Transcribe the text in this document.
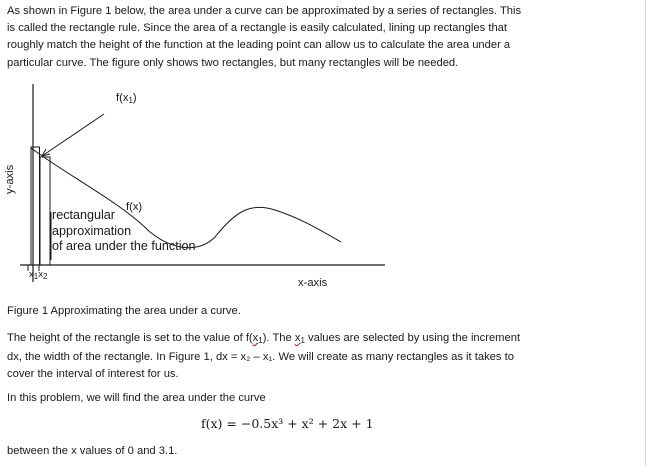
As shown in Figure 1 below, the area under a curve can be approximated by a series of rectangles. This
is called the rectangle rule. Since the area of a rectangle is easily calculated, lining up rectangles that
roughly match the height of the function at the leading point can allow us to calculate the area under a
particular curve. The figure only shows two rectangles, but many rectangles will be needed.

y-axis
$f(x_1)$
f(x)
rectangular
approximation
of area under the function
$x_1x_2$
x-axis

Figure 1 Approximating the area under a curve.

The height of the rectangle is set to the value of $f(x_1)$. The $x_1$ values are selected by using the increment
dx, the width of the rectangle. In Figure 1, dx = x₂ – x₁. We will create as many rectangles as it takes to
cover the interval of interest for us.

In this problem, we will find the area under the curve

f(x) = −0.5x³ + x² + 2x + 1

between the x values of 0 and 3.1.
